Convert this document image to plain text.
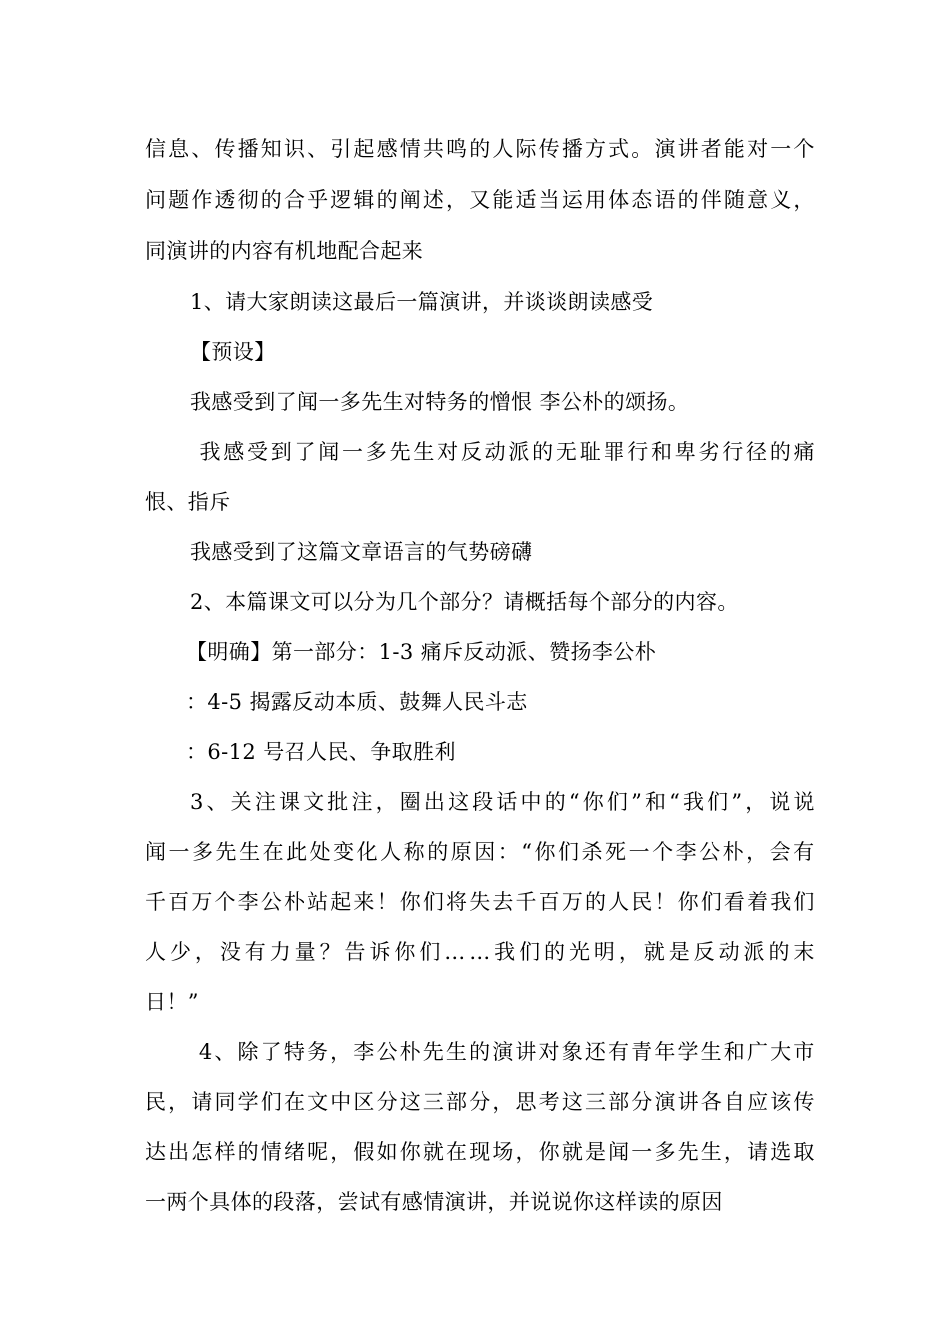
信 息 、 传 播 知 识 、 引 起 感 情 共 鸣 的 人 际 传 播 方 式 。 演 讲 者 能 对 一 个
问 题 作 透 彻 的 合 乎 逻 辑 的 阐 述 ， 又 能 适 当 运 用 体 态 语 的 伴 随 意 义 ，
同演讲的内容有机地配合起来
1、请大家朗读这最后一篇演讲，并谈谈朗读感受
【预设】
我感受到了闻一多先生对特务的憎恨 李公朴的颂扬。

我 感 受 到 了 闻 一 多 先 生 对 反 动 派 的 无 耻 罪 行 和 卑 劣 行 径 的 痛
恨、指斥
我感受到了这篇文章语言的气势磅礴
2、本篇课文可以分为几个部分？请概括每个部分的内容。
【明确】第一部分：1-3 痛斥反动派、赞扬李公朴
：4-5 揭露反动本质、鼓舞人民斗志
：6-12 号召人民、争取胜利
3 、 关 注 课 文 批 注 ， 圈 出 这 段 话 中 的 “ 你 们 ” 和 “ 我 们 ” ， 说 说
闻 一 多 先 生 在 此 处 变 化 人 称 的 原 因 ： “ 你 们 杀 死 一 个 李 公 朴 ， 会 有
千 百 万 个 李 公 朴 站 起 来 ！ 你 们 将 失 去 千 百 万 的 人 民 ！ 你 们 看 着 我 们
人 少 ， 没 有 力 量 ？ 告 诉 你 们 … … 我 们 的 光 明 ， 就 是 反 动 派 的 末
日！”

4 、 除 了 特 务 ， 李 公 朴 先 生 的 演 讲 对 象 还 有 青 年 学 生 和 广 大 市
民 ， 请 同 学 们 在 文 中 区 分 这 三 部 分 ， 思 考 这 三 部 分 演 讲 各 自 应 该 传
达 出 怎 样 的 情 绪 呢 ， 假 如 你 就 在 现 场 ， 你 就 是 闻 一 多 先 生 ， 请 选 取
一两个具体的段落，尝试有感情演讲，并说说你这样读的原因
